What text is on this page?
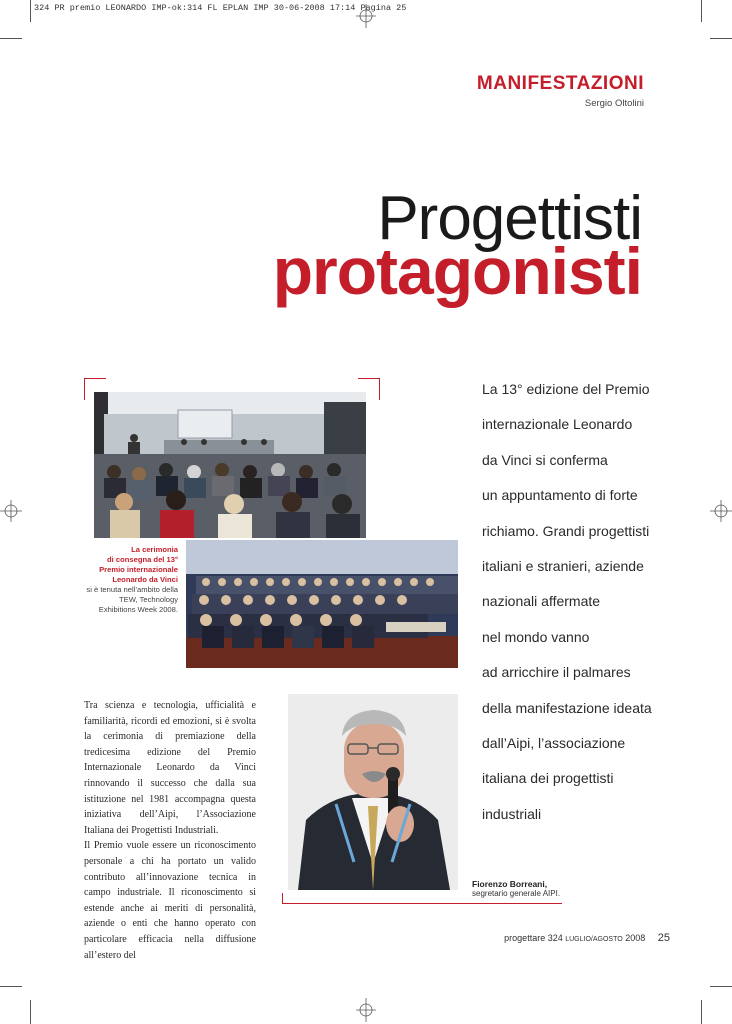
324 PR premio LEONARDO IMP-ok:314 FL EPLAN IMP 30-06-2008 17:14 Pagina 25
MANIFESTAZIONI
Sergio Oltolini
Progettisti
protagonisti
La cerimonia
di consegna del 13°
Premio internazionale
Leonardo da Vinci
si è tenuta nell’ambito della
TEW, Technology
Exhibitions Week 2008.

La 13° edizione del Premio

internazionale Leonardo

da Vinci si conferma

un appuntamento di forte

richiamo. Grandi progettisti

italiani e stranieri, aziende

nazionali affermate

nel mondo vanno

ad arricchire il palmares

della manifestazione ideata

dall’Aipi, l’associazione

italiana dei progettisti

industriali

Tra scienza e tecnologia, ufficialità e familiarità, ricordi ed emozioni, si è svolta la cerimonia di premiazione della tredicesima edizione del Premio Internazionale Leonardo da Vinci rinnovando il successo che dalla sua istituzione nel 1981 accompagna questa iniziativa dell’Aipi, l’Associazione Italiana dei Progettisti Industriali.

Il Premio vuole essere un riconoscimento personale a chi ha portato un valido contributo all’innovazione tecnica in campo industriale. Il riconoscimento si estende anche ai meriti di personalità, aziende o enti che hanno operato con particolare efficacia nella diffusione all’estero del

Fiorenzo Borreani,
segretario generale AIPI.
progettare 324 LUGLIO/AGOSTO 2008 25
